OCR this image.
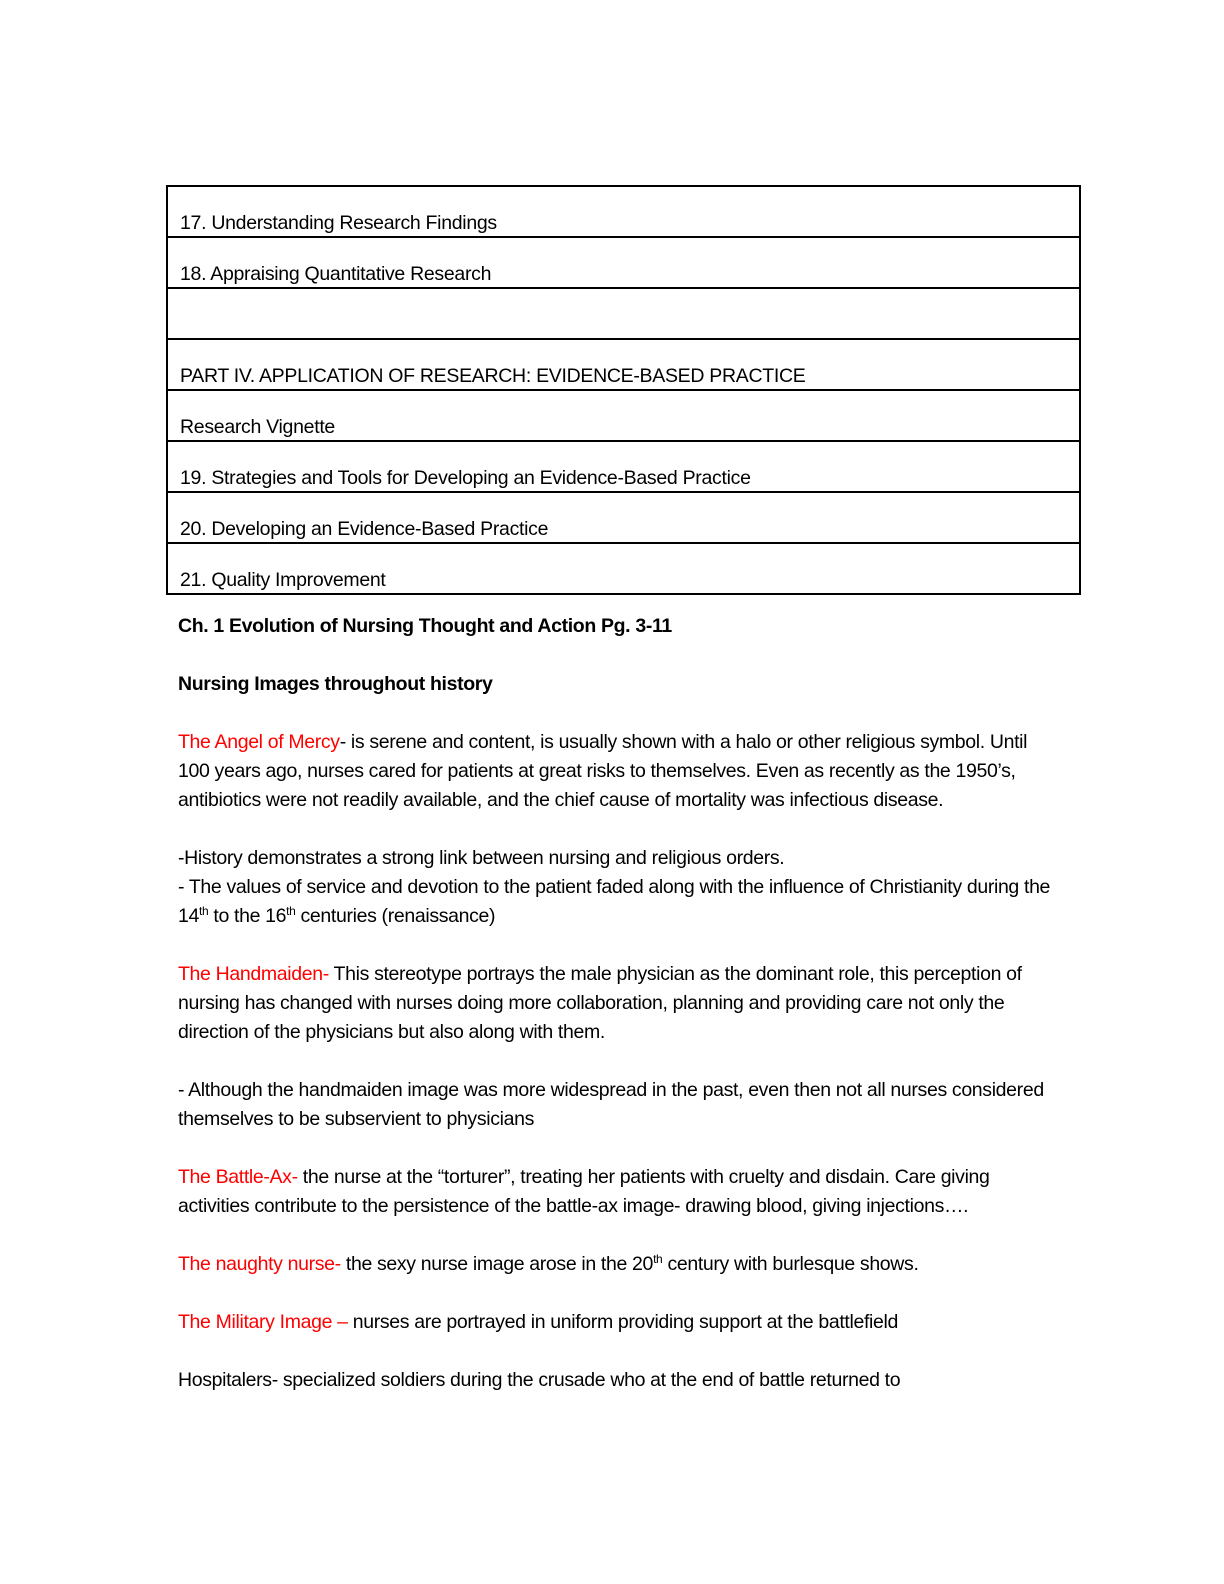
17. Understanding Research Findings

18. Appraising Quantitative Research

PART IV. APPLICATION OF RESEARCH: EVIDENCE-BASED PRACTICE

Research Vignette

19. Strategies and Tools for Developing an Evidence-Based Practice

20. Developing an Evidence-Based Practice

21. Quality Improvement

Ch. 1 Evolution of Nursing Thought and Action Pg. 3-11

Nursing Images throughout history

The Angel of Mercy- is serene and content, is usually shown with a halo or other religious symbol. Until 100 years ago, nurses cared for patients at great risks to themselves. Even as recently as the 1950’s, antibiotics were not readily available, and the chief cause of mortality was infectious disease.

-History demonstrates a strong link between nursing and religious orders.

- The values of service and devotion to the patient faded along with the influence of Christianity during the 14th to the 16th centuries (renaissance)

The Handmaiden- This stereotype portrays the male physician as the dominant role, this perception of nursing has changed with nurses doing more collaboration, planning and providing care not only the direction of the physicians but also along with them.

- Although the handmaiden image was more widespread in the past, even then not all nurses considered themselves to be subservient to physicians

The Battle-Ax- the nurse at the “torturer”, treating her patients with cruelty and disdain. Care giving activities contribute to the persistence of the battle-ax image- drawing blood, giving injections….

The naughty nurse- the sexy nurse image arose in the 20th century with burlesque shows.

The Military Image – nurses are portrayed in uniform providing support at the battlefield

Hospitalers- specialized soldiers during the crusade who at the end of battle returned to
